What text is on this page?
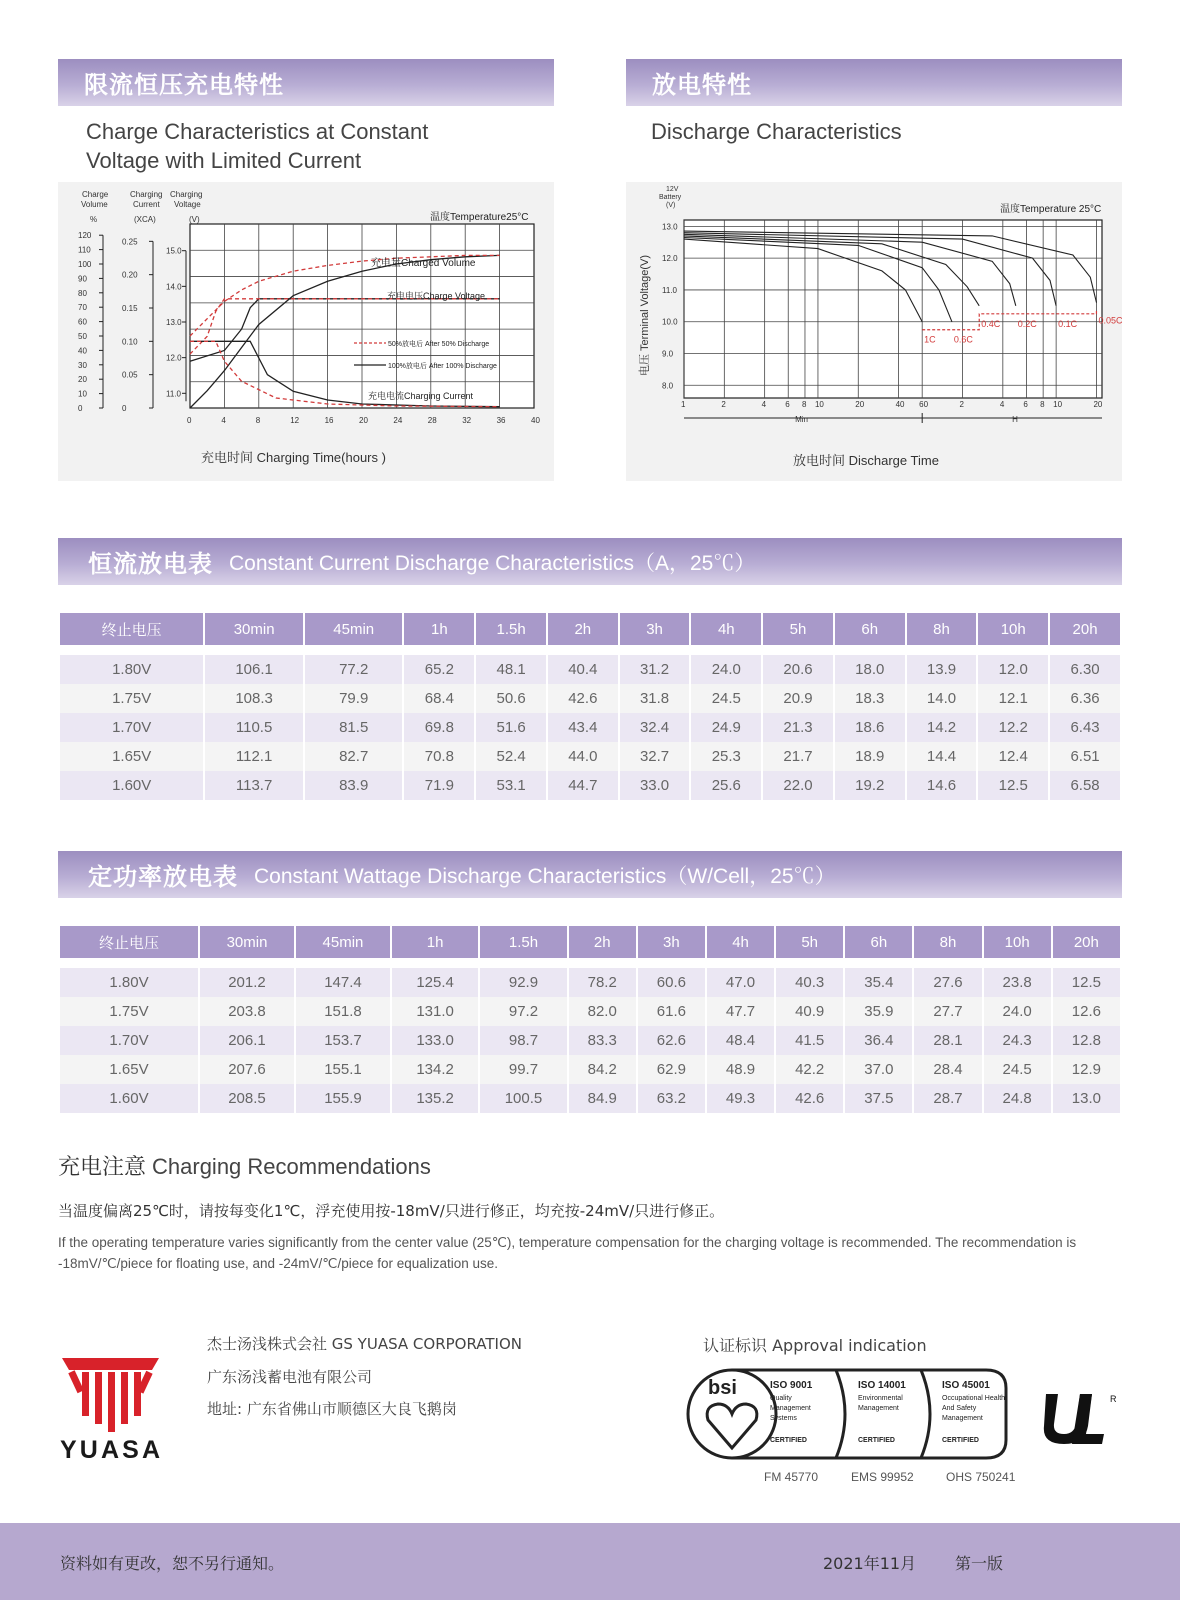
限流恒压充电特性	放电特性
Charge Characteristics at Constant
Voltage with Limited Current
Discharge Characteristics
0	4	8	12	16	20	24	28	32	36	40
0
10
20
30
40
50
60
70
80
90
100
110
120
0
0.05
0.10
0.15
0.20
0.25
11.0
12.0
13.0
14.0
15.0
Charge
Volume
%
Charging
Current
(XCA)
Charging
Voltage
(V)	温度Temperature25°C
充电量Charged Volume
充电电压Charge Voltage
50%放电后 After 50% Discharge
100%放电后 After 100% Discharge
充电电流Charging Current
充电时间 Charging Time(hours )
8.0
9.0
10.0
11.0
12.0
13.0
1	2	4 6 8 10	20	40 60	2	4 6 8 10	20
Min	H
1C 0.6C
0.4C 0.2C 0.1C 0.05C
12V
Battery
(V)	温度Temperature 25°C
电压 Terminal Voltage(V)
放电时间 Discharge Time
恒流放电表 Constant Current Discharge Characteristics（A，25℃）
终止电压	30min	45min	1h	1.5h	2h	3h	4h	5h	6h	8h	10h	20h
1.80V	106.1	77.2	65.2	48.1	40.4	31.2	24.0	20.6	18.0	13.9	12.0	6.30
1.75V	108.3	79.9	68.4	50.6	42.6	31.8	24.5	20.9	18.3	14.0	12.1	6.36
1.70V	110.5	81.5	69.8	51.6	43.4	32.4	24.9	21.3	18.6	14.2	12.2	6.43
1.65V	112.1	82.7	70.8	52.4	44.0	32.7	25.3	21.7	18.9	14.4	12.4	6.51
1.60V	113.7	83.9	71.9	53.1	44.7	33.0	25.6	22.0	19.2	14.6	12.5	6.58
定功率放电表 Constant Wattage Discharge Characteristics（W/Cell，25℃）
终止电压	30min	45min	1h	1.5h	2h	3h	4h	5h	6h	8h	10h	20h
1.80V	201.2	147.4	125.4	92.9	78.2	60.6	47.0	40.3	35.4	27.6	23.8	12.5
1.75V	203.8	151.8	131.0	97.2	82.0	61.6	47.7	40.9	35.9	27.7	24.0	12.6
1.70V	206.1	153.7	133.0	98.7	83.3	62.6	48.4	41.5	36.4	28.1	24.3	12.8
1.65V	207.6	155.1	134.2	99.7	84.2	62.9	48.9	42.2	37.0	28.4	24.5	12.9
1.60V	208.5	155.9	135.2	100.5	84.9	63.2	49.3	42.6	37.5	28.7	24.8	13.0
充电注意 Charging Recommendations
当温度偏离25℃时，请按每变化1℃，浮充使用按-18mV/只进行修正，均充按-24mV/只进行修正。
If the operating temperature varies significantly from the center value (25℃), temperature compensation for the charging voltage is recommended. The recommendation is -18mV/℃/piece for floating use, and -24mV/℃/piece for equalization use.
YUASA
杰士汤浅株式会社 GS YUASA CORPORATION
广东汤浅蓄电池有限公司
地址: 广东省佛山市顺德区大良飞鹅岗
认证标识 Approval indication
bsi	ISO 9001
Quality
Management
Systems
CERTIFIED
ISO 14001
Environmental
Management
CERTIFIED
ISO 45001
Occupational Health
And Safety
Management
CERTIFIED
R
FM 45770	EMS 99952	OHS 750241
资料如有更改，恕不另行通知。	2021年11月 第一版
